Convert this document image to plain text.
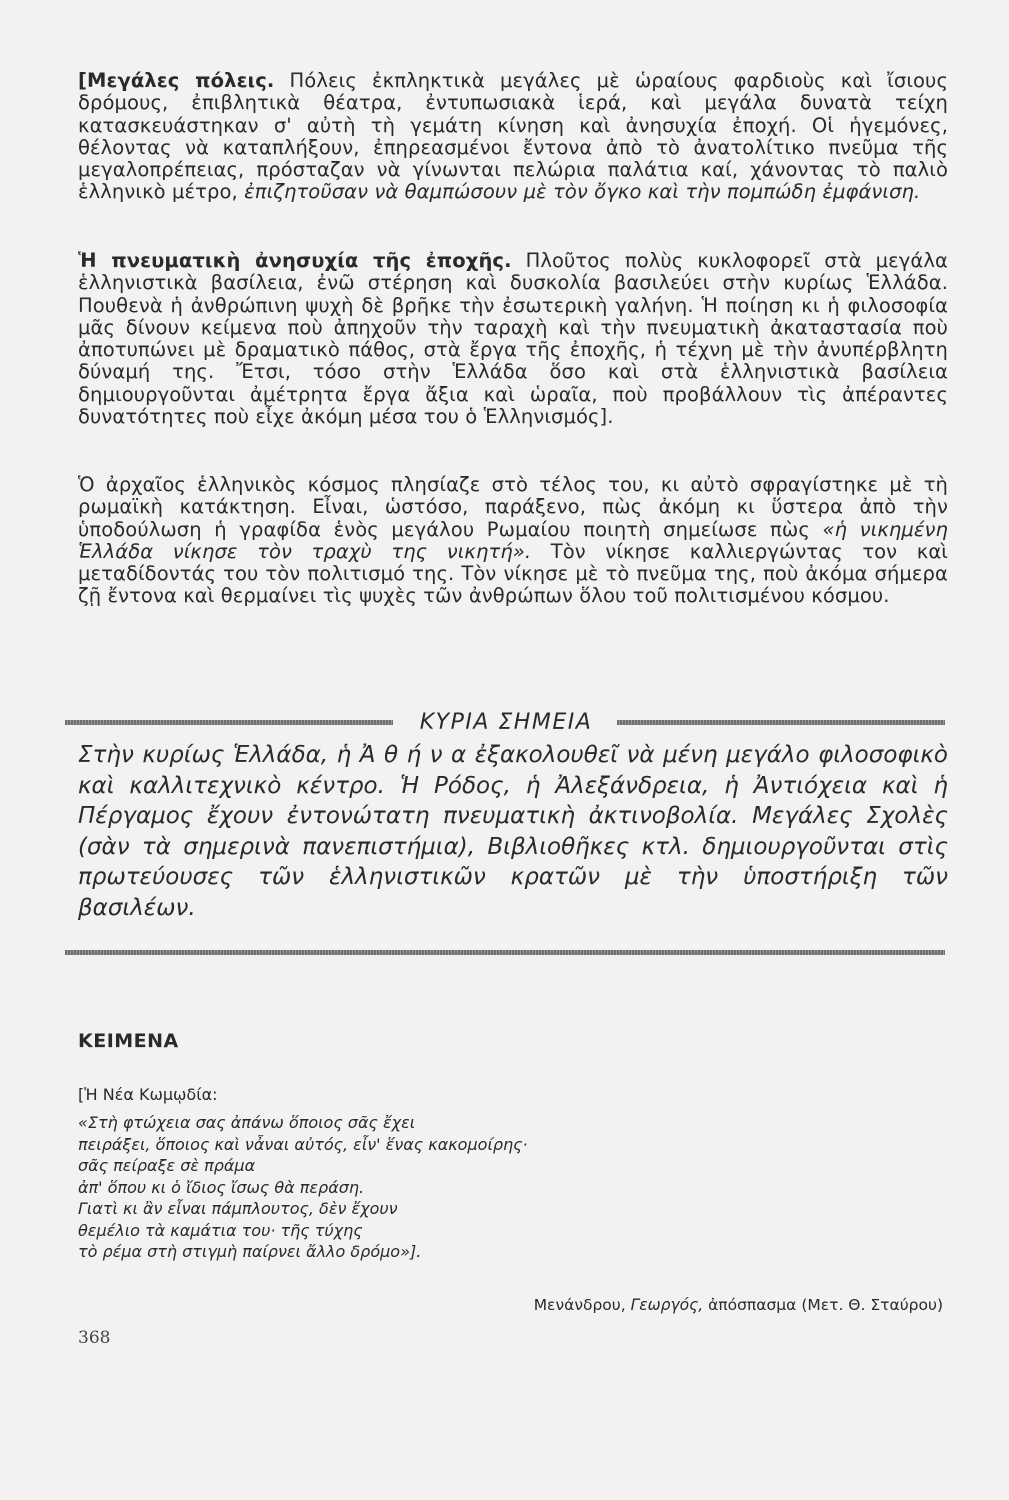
[Μεγάλες πόλεις. Πόλεις ἐκπληκτικὰ μεγάλες μὲ ὡραίους φαρδιοὺς καὶ ἴσιους δρόμους, ἐπιβλητικὰ θέατρα, ἐντυπωσιακὰ ἱερά, καὶ μεγάλα δυνατὰ τείχη κατασκευάστηκαν σ' αὐτὴ τὴ γεμάτη κίνηση καὶ ἀνησυχία ἐποχή. Οἱ ἡγεμόνες, θέλοντας νὰ καταπλήξουν, ἐπηρεασμένοι ἔντονα ἀπὸ τὸ ἀνατολίτικο πνεῦμα τῆς μεγαλοπρέπειας, πρόσταζαν νὰ γίνωνται πελώρια παλάτια καί, χάνοντας τὸ παλιὸ ἑλληνικὸ μέτρο, ἐπιζητοῦσαν νὰ θαμπώσουν μὲ τὸν ὄγκο καὶ τὴν πομπώδη ἐμφάνιση.
Ἡ πνευματικὴ ἀνησυχία τῆς ἐποχῆς. Πλοῦτος πολὺς κυκλοφορεῖ στὰ μεγάλα ἑλληνιστικὰ βασίλεια, ἐνῶ στέρηση καὶ δυσκολία βασιλεύει στὴν κυρίως Ἑλλάδα. Πουθενὰ ἡ ἀνθρώπινη ψυχὴ δὲ βρῆκε τὴν ἐσωτερικὴ γαλήνη. Ἡ ποίηση κι ἡ φιλοσοφία μᾶς δίνουν κείμενα ποὺ ἀπηχοῦν τὴν ταραχὴ καὶ τὴν πνευματικὴ ἀκαταστασία ποὺ ἀποτυπώνει μὲ δραματικὸ πάθος, στὰ ἔργα τῆς ἐποχῆς, ἡ τέχνη μὲ τὴν ἀνυπέρβλητη δύναμή της. Ἔτσι, τόσο στὴν Ἑλλάδα ὅσο καὶ στὰ ἑλληνιστικὰ βασίλεια δημιουργοῦνται ἀμέτρητα ἔργα ἄξια καὶ ὡραῖα, ποὺ προβάλλουν τὶς ἀπέραντες δυνατότητες ποὺ εἶχε ἀκόμη μέσα του ὁ Ἑλληνισμός].
Ὁ ἀρχαῖος ἑλληνικὸς κόσμος πλησίαζε στὸ τέλος του, κι αὐτὸ σφραγίστηκε μὲ τὴ ρωμαϊκὴ κατάκτηση. Εἶναι, ὡστόσο, παράξενο, πὼς ἀκόμη κι ὕστερα ἀπὸ τὴν ὑποδούλωση ἡ γραφίδα ἑνὸς μεγάλου Ρωμαίου ποιητὴ σημείωσε πὼς «ἡ νικημένη Ἑλλάδα νίκησε τὸν τραχὺ της νικητή». Τὸν νίκησε καλλιεργώντας τον καὶ μεταδίδοντάς του τὸν πολιτισμό της. Τὸν νίκησε μὲ τὸ πνεῦμα της, ποὺ ἀκόμα σήμερα ζῇ ἔντονα καὶ θερμαίνει τὶς ψυχὲς τῶν ἀνθρώπων ὅλου τοῦ πολιτισμένου κόσμου.
ΚΥΡΙΑ ΣΗΜΕΙΑ
Στὴν κυρίως Ἑλλάδα, ἡ Ἀ θ ή ν α ἐξακολουθεῖ νὰ μένη μεγάλο φιλοσοφικὸ καὶ καλλιτεχνικὸ κέντρο. Ἡ Ρόδος, ἡ Ἀλεξάνδρεια, ἡ Ἀντιόχεια καὶ ἡ Πέργαμος ἔχουν ἐντονώτατη πνευματικὴ ἀκτινοβολία. Μεγάλες Σχολὲς (σὰν τὰ σημερινὰ πανεπιστήμια), Βιβλιοθῆκες κτλ. δημιουργοῦνται στὶς πρωτεύουσες τῶν ἑλληνιστικῶν κρατῶν μὲ τὴν ὑποστήριξη τῶν βασιλέων.
ΚΕΙΜΕΝΑ
[Ἡ Νέα Κωμῳδία:
«Στὴ φτώχεια σας ἀπάνω ὅποιος σᾶς ἔχει
πειράξει, ὅποιος καὶ νἆναι αὐτός, εἶν' ἕνας κακομοίρης·
σᾶς πείραξε σὲ πράμα
ἀπ' ὅπου κι ὁ ἴδιος ἴσως θὰ περάση.
Γιατὶ κι ἂν εἶναι πάμπλουτος, δὲν ἔχουν
θεμέλιο τὰ καμάτια του· τῆς τύχης
τὸ ρέμα στὴ στιγμὴ παίρνει ἄλλο δρόμο»].
Μενάνδρου, Γεωργός, ἀπόσπασμα (Μετ. Θ. Σταύρου)
368
